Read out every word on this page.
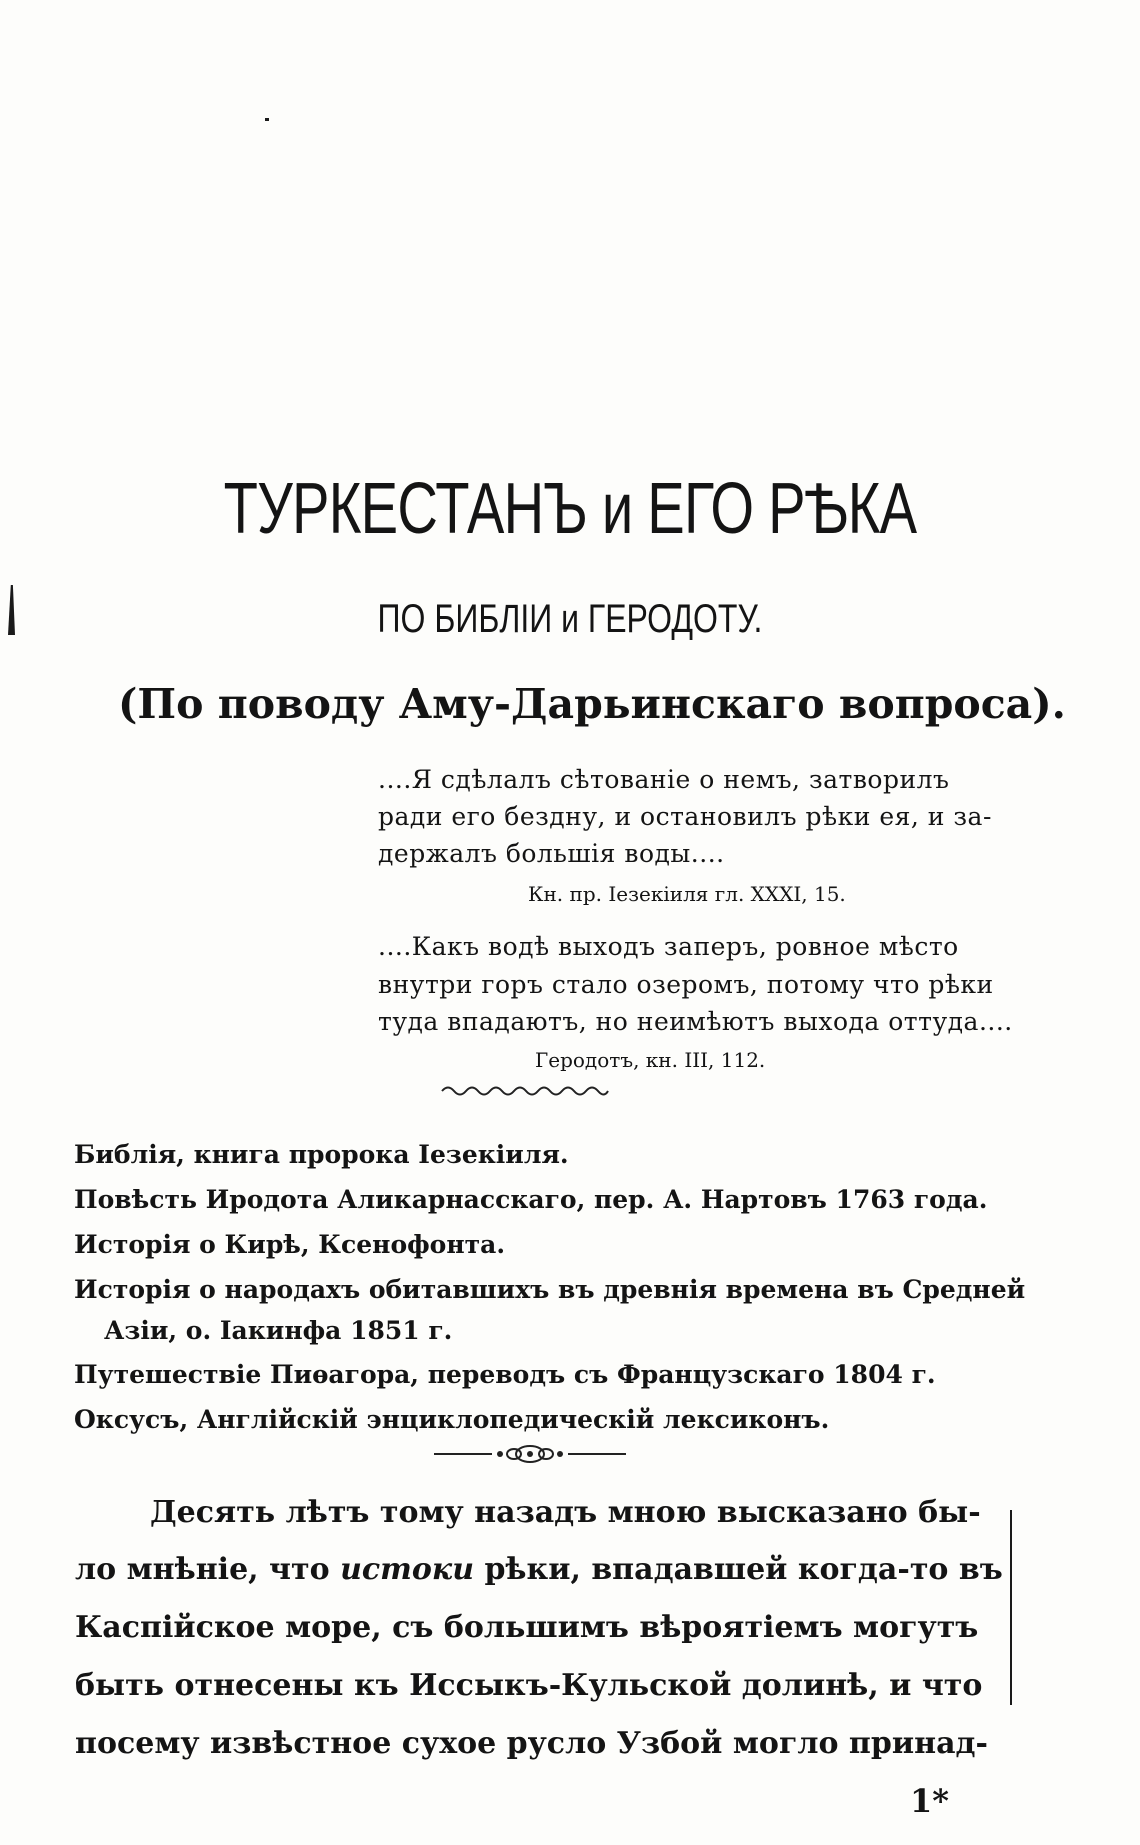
ТУРКЕСТАНЪ и ЕГО РѢКА
ПО БИБЛIИ и ГЕРОДОТУ.
(По поводу Аму-Дарьинскаго вопроса).
....Я сдѣлалъ сѣтованіе о немъ, затворилъ
ради его бездну, и остановилъ рѣки ея, и за-
держалъ большія воды....
Кн. пр. Iезекiиля гл. XXXI, 15.
....Какъ водѣ выходъ заперъ, ровное мѣсто
внутри горъ стало озеромъ, потому что рѣки
туда впадаютъ, но неимѣютъ выхода оттуда....
Геродотъ, кн. III, 112.
Библія, книга пророка Iезекiиля.
Повѣсть Иродота Аликарнасскаго, пер. А. Нартовъ 1763 года.
Исторія о Кирѣ, Ксенофонта.
Исторія о народахъ обитавшихъ въ древнія времена въ Средней
Азіи, о. Iакинфа 1851 г.
Путешествіе Пиѳагора, переводъ съ Французскаго 1804 г.
Оксусъ, Англійскій энциклопедическій лексиконъ.
Десять лѣтъ тому назадъ мною высказано бы-
ло мнѣніе, что истоки рѣки, впадавшей когда-то въ
Каспійское море, съ большимъ вѣроятіемъ могутъ
быть отнесены къ Иссыкъ-Кульской долинѣ, и что
посему извѣстное сухое русло Узбой могло принад-
1*
